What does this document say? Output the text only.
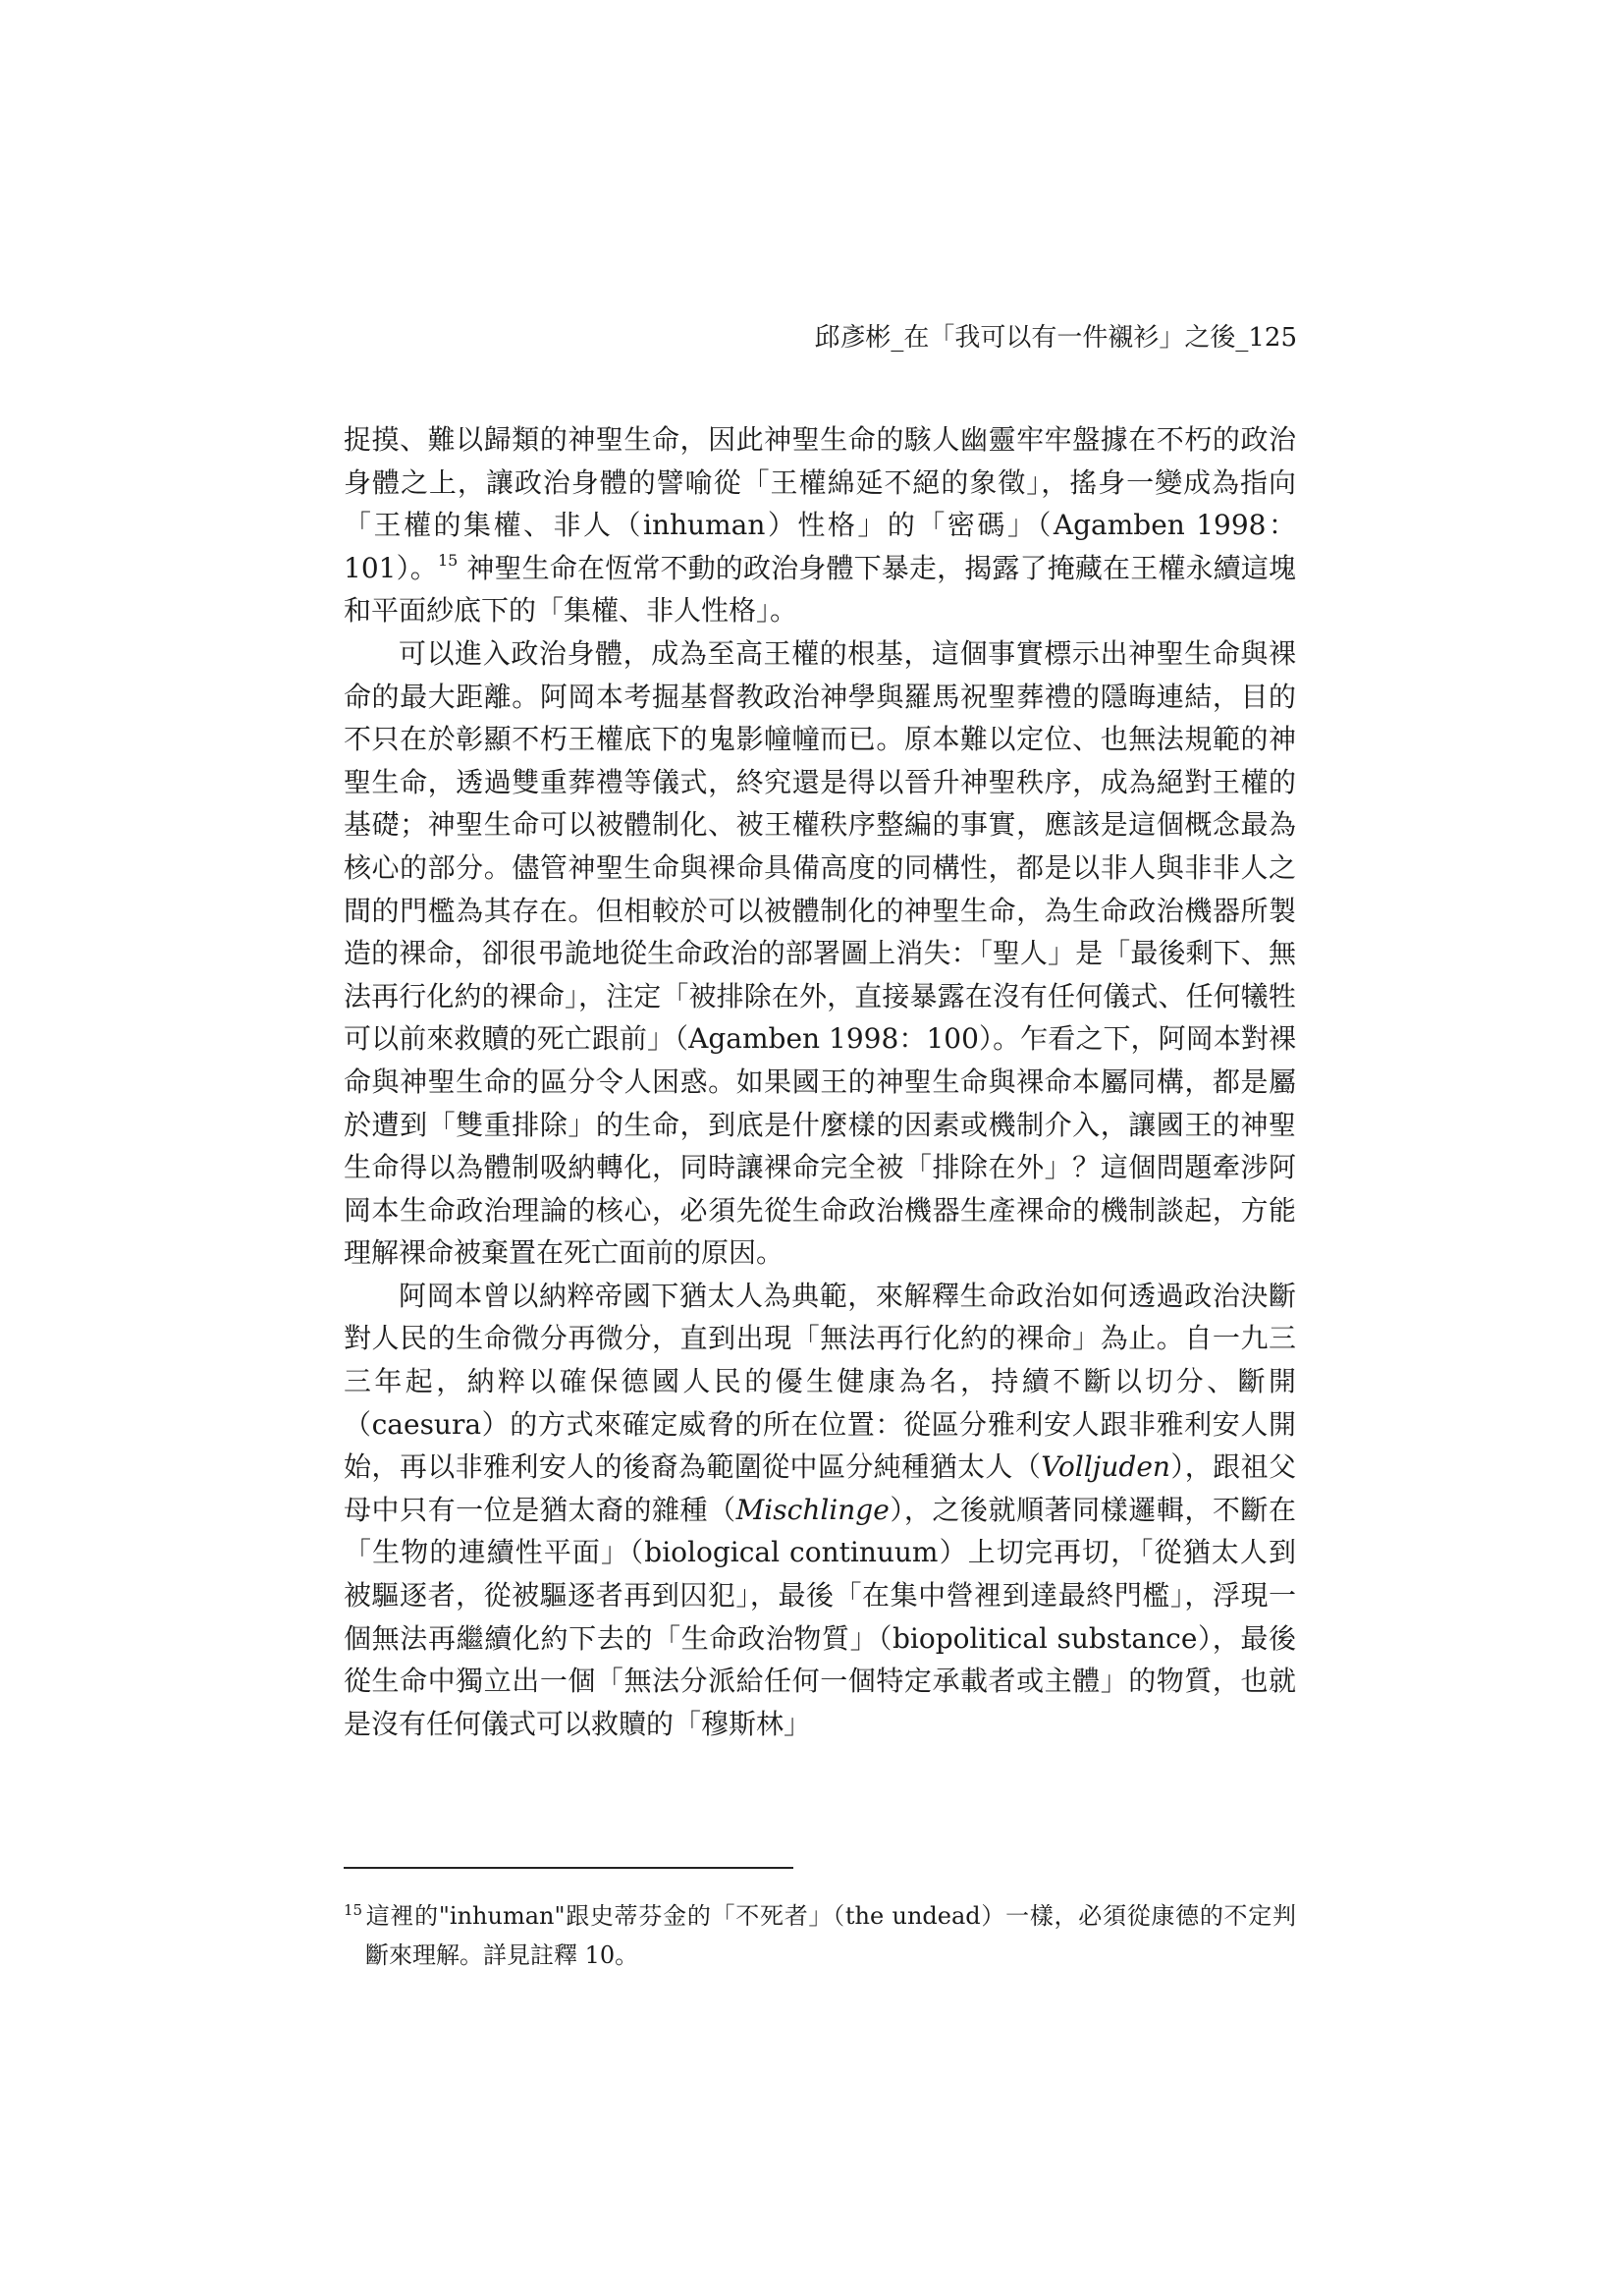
邱彥彬_在「我可以有一件襯衫」之後_125

捉摸、難以歸類的神聖生命，因此神聖生命的駭人幽靈牢牢盤據在不朽的政治身體之上，讓政治身體的譬喻從「王權綿延不絕的象徵」，搖身一變成為指向「王權的集權、非人（inhuman）性格」的「密碼」（Agamben 1998：101）。$^{15}$ 神聖生命在恆常不動的政治身體下暴走，揭露了掩藏在王權永續這塊和平面紗底下的「集權、非人性格」。

可以進入政治身體，成為至高王權的根基，這個事實標示出神聖生命與裸命的最大距離。阿岡本考掘基督教政治神學與羅馬祝聖葬禮的隱晦連結，目的不只在於彰顯不朽王權底下的鬼影幢幢而已。原本難以定位、也無法規範的神聖生命，透過雙重葬禮等儀式，終究還是得以晉升神聖秩序，成為絕對王權的基礎；神聖生命可以被體制化、被王權秩序整編的事實，應該是這個概念最為核心的部分。儘管神聖生命與裸命具備高度的同構性，都是以非人與非非人之間的門檻為其存在。但相較於可以被體制化的神聖生命，為生命政治機器所製造的裸命，卻很弔詭地從生命政治的部署圖上消失：「聖人」是「最後剩下、無法再行化約的裸命」，注定「被排除在外，直接暴露在沒有任何儀式、任何犧牲可以前來救贖的死亡跟前」（Agamben 1998：100）。乍看之下，阿岡本對裸命與神聖生命的區分令人困惑。如果國王的神聖生命與裸命本屬同構，都是屬於遭到「雙重排除」的生命，到底是什麼樣的因素或機制介入，讓國王的神聖生命得以為體制吸納轉化，同時讓裸命完全被「排除在外」？這個問題牽涉阿岡本生命政治理論的核心，必須先從生命政治機器生產裸命的機制談起，方能理解裸命被棄置在死亡面前的原因。

阿岡本曾以納粹帝國下猶太人為典範，來解釋生命政治如何透過政治決斷對人民的生命微分再微分，直到出現「無法再行化約的裸命」為止。自一九三三年起，納粹以確保德國人民的優生健康為名，持續不斷以切分、斷開（caesura）的方式來確定威脅的所在位置：從區分雅利安人跟非雅利安人開始，再以非雅利安人的後裔為範圍從中區分純種猶太人（Volljuden），跟祖父母中只有一位是猶太裔的雜種（Mischlinge），之後就順著同樣邏輯，不斷在「生物的連續性平面」（biological continuum）上切完再切，「從猶太人到被驅逐者，從被驅逐者再到囚犯」，最後「在集中營裡到達最終門檻」，浮現一個無法再繼續化約下去的「生命政治物質」（biopolitical substance），最後從生命中獨立出一個「無法分派給任何一個特定承載者或主體」的物質，也就是沒有任何儀式可以救贖的「穆斯林」

15 這裡的"inhuman"跟史蒂芬金的「不死者」（the undead）一樣，必須從康德的不定判斷來理解。詳見註釋 10。
